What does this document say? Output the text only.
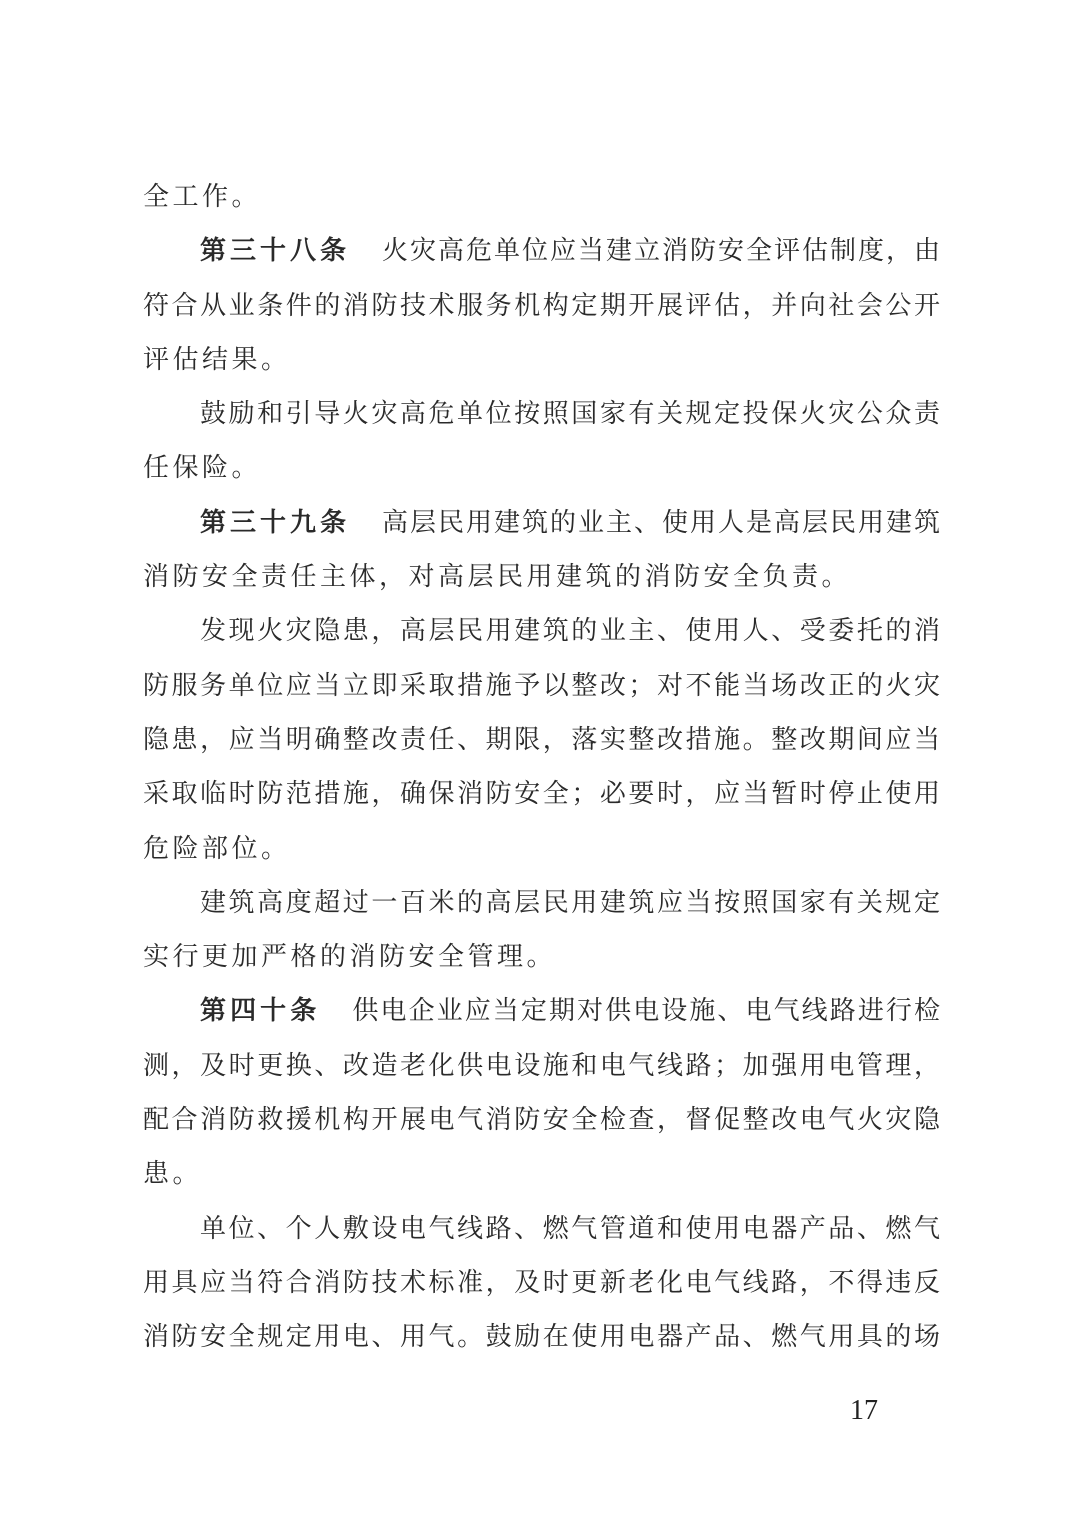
全工作。
第三十八条 火灾高危单位应当建立消防安全评估制度，由
符合从业条件的消防技术服务机构定期开展评估，并向社会公开
评估结果。
鼓励和引导火灾高危单位按照国家有关规定投保火灾公众责
任保险。
第三十九条 高层民用建筑的业主、使用人是高层民用建筑
消防安全责任主体，对高层民用建筑的消防安全负责。
发现火灾隐患，高层民用建筑的业主、使用人、受委托的消
防服务单位应当立即采取措施予以整改；对不能当场改正的火灾
隐患，应当明确整改责任、期限，落实整改措施。整改期间应当
采取临时防范措施，确保消防安全；必要时，应当暂时停止使用
危险部位。
建筑高度超过一百米的高层民用建筑应当按照国家有关规定
实行更加严格的消防安全管理。
第四十条 供电企业应当定期对供电设施、电气线路进行检
测，及时更换、改造老化供电设施和电气线路；加强用电管理，
配合消防救援机构开展电气消防安全检查，督促整改电气火灾隐
患。
单位、个人敷设电气线路、燃气管道和使用电器产品、燃气
用具应当符合消防技术标准，及时更新老化电气线路，不得违反
消防安全规定用电、用气。鼓励在使用电器产品、燃气用具的场
17
